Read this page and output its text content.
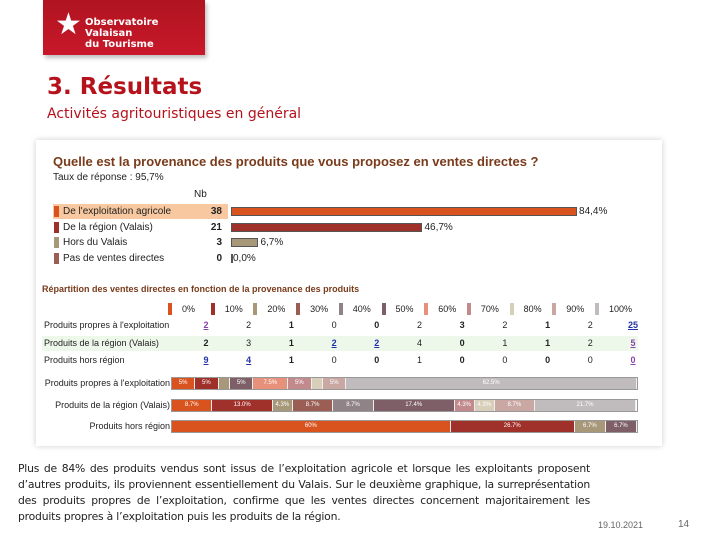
★ Observatoire Valaisan
du Tourisme
3. Résultats
Activités agritouristiques en général
Quelle est la provenance des produits que vous proposez en ventes directes ?
Taux de réponse : 95,7%
Nb
De l'exploitation agricole	38	84,4%
De la région (Valais)	21	46,7%
Hors du Valais	3	6,7%
Pas de ventes directes	0 0,0%
Répartition des ventes directes en fonction de la provenance des produits
0%	10%	20%	30%	40%	50%	60%	70%	80%	90%	100%
Produits propres à l'exploitation	2	2	1	0	0	2	3	2	1	2	25
Produits de la région (Valais)	2	3	1	2	2	4	0	1	1	2	5
Produits hors région	9	4	1	0	0	1	0	0	0	0	0
Produits propres à l'exploitation	5%	5%	5%	7.5%	5%	5%	62.5%
Produits de la région (Valais)	8.7%	13.0%	4.3%	8.7%	8.7%	17.4%	4.3%	4.3%	8.7%	21.7%
Produits hors région	60%	26.7%	6.7%	6.7%
Plus de 84% des produits vendus sont issus de l’exploitation agricole et lorsque les exploitants proposent d’autres produits, ils proviennent essentiellement du Valais. Sur le deuxième graphique, la surreprésentation des produits propres de l’exploitation, confirme que les ventes directes concernent majoritairement les produits propres à l’exploitation puis les produits de la région.
19.10.2021	14
